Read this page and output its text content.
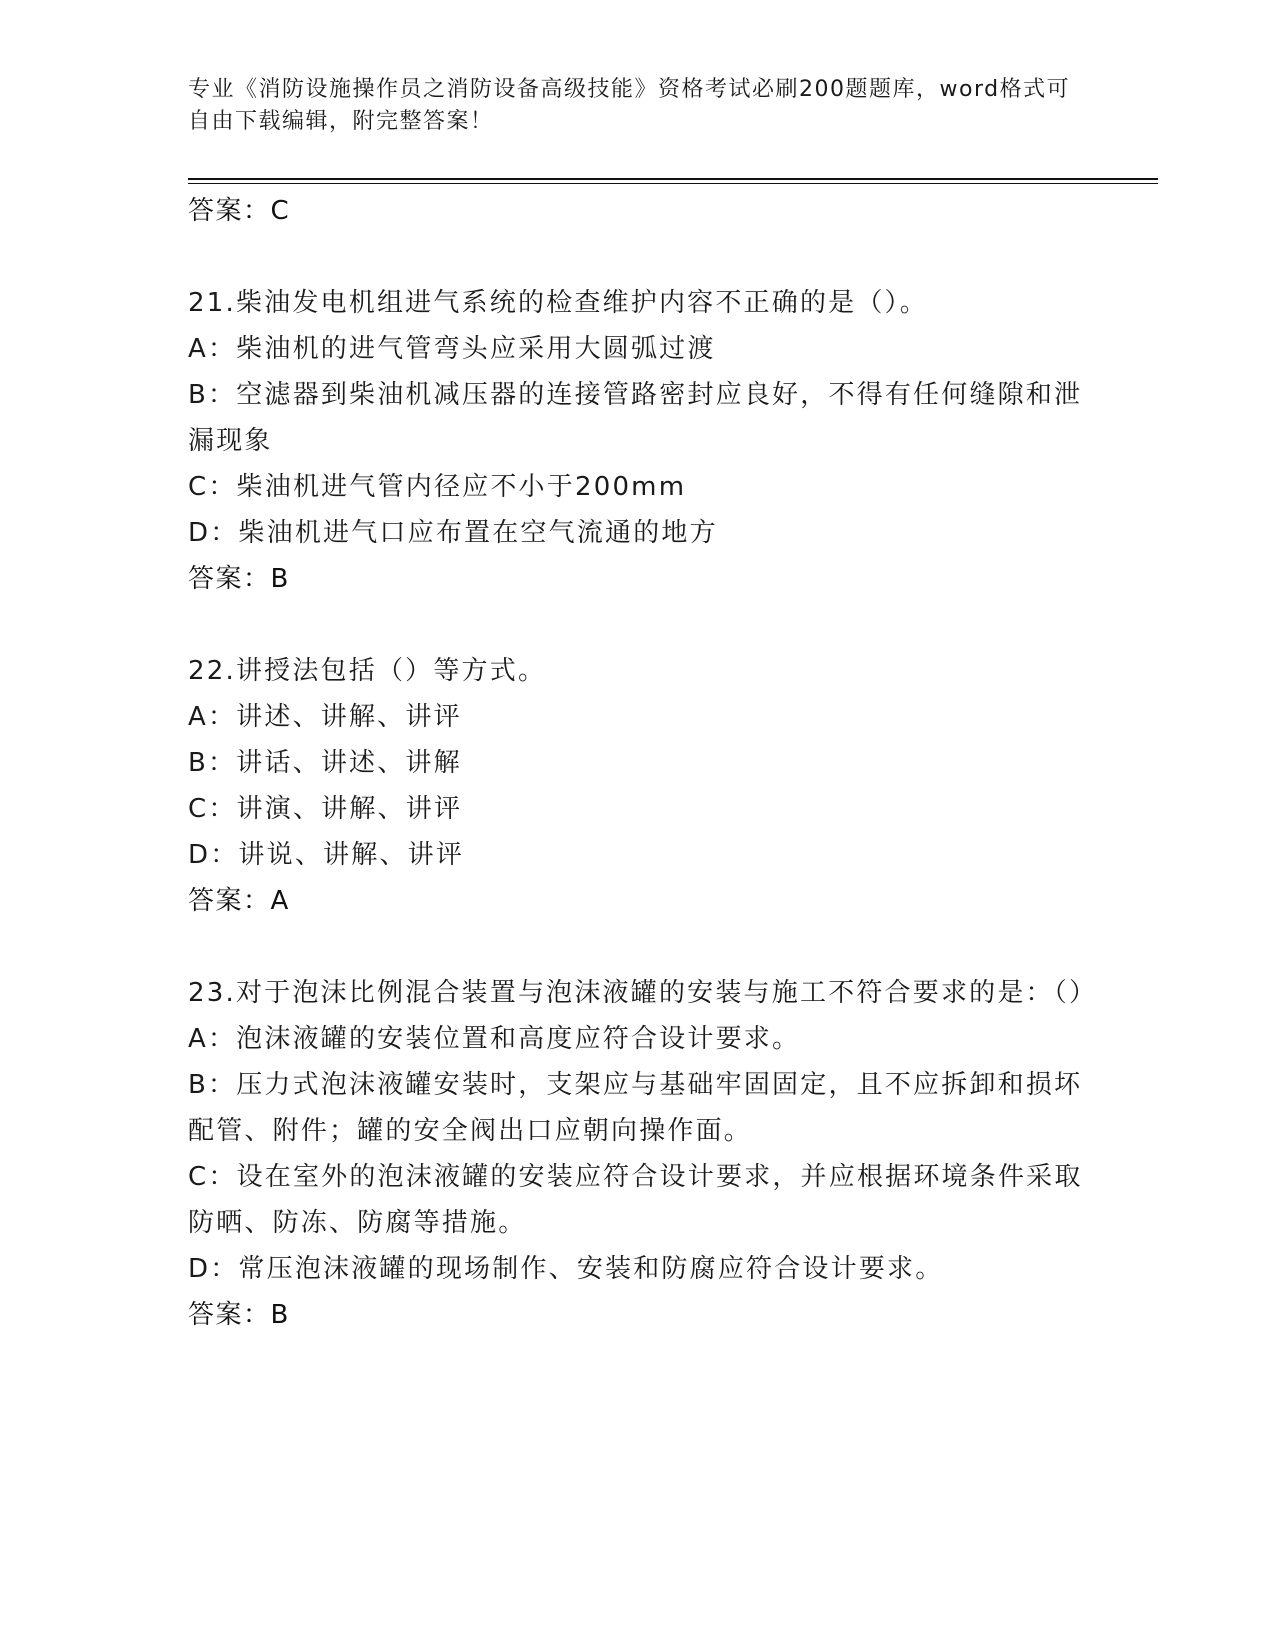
专业《消防设施操作员之消防设备高级技能》资格考试必刷200题题库，word格式可自由下载编辑，附完整答案！
答案：C
21.柴油发电机组进气系统的检查维护内容不正确的是（）。
A：柴油机的进气管弯头应采用大圆弧过渡
B：空滤器到柴油机减压器的连接管路密封应良好，不得有任何缝隙和泄漏现象
C：柴油机进气管内径应不小于200mm
D：柴油机进气口应布置在空气流通的地方
答案：B
22.讲授法包括（）等方式。
A：讲述、讲解、讲评
B：讲话、讲述、讲解
C：讲演、讲解、讲评
D：讲说、讲解、讲评
答案：A
23.对于泡沫比例混合装置与泡沫液罐的安装与施工不符合要求的是：（）
A：泡沫液罐的安装位置和高度应符合设计要求。
B：压力式泡沫液罐安装时，支架应与基础牢固固定，且不应拆卸和损坏配管、附件；罐的安全阀出口应朝向操作面。
C：设在室外的泡沫液罐的安装应符合设计要求，并应根据环境条件采取防晒、防冻、防腐等措施。
D：常压泡沫液罐的现场制作、安装和防腐应符合设计要求。
答案：B
